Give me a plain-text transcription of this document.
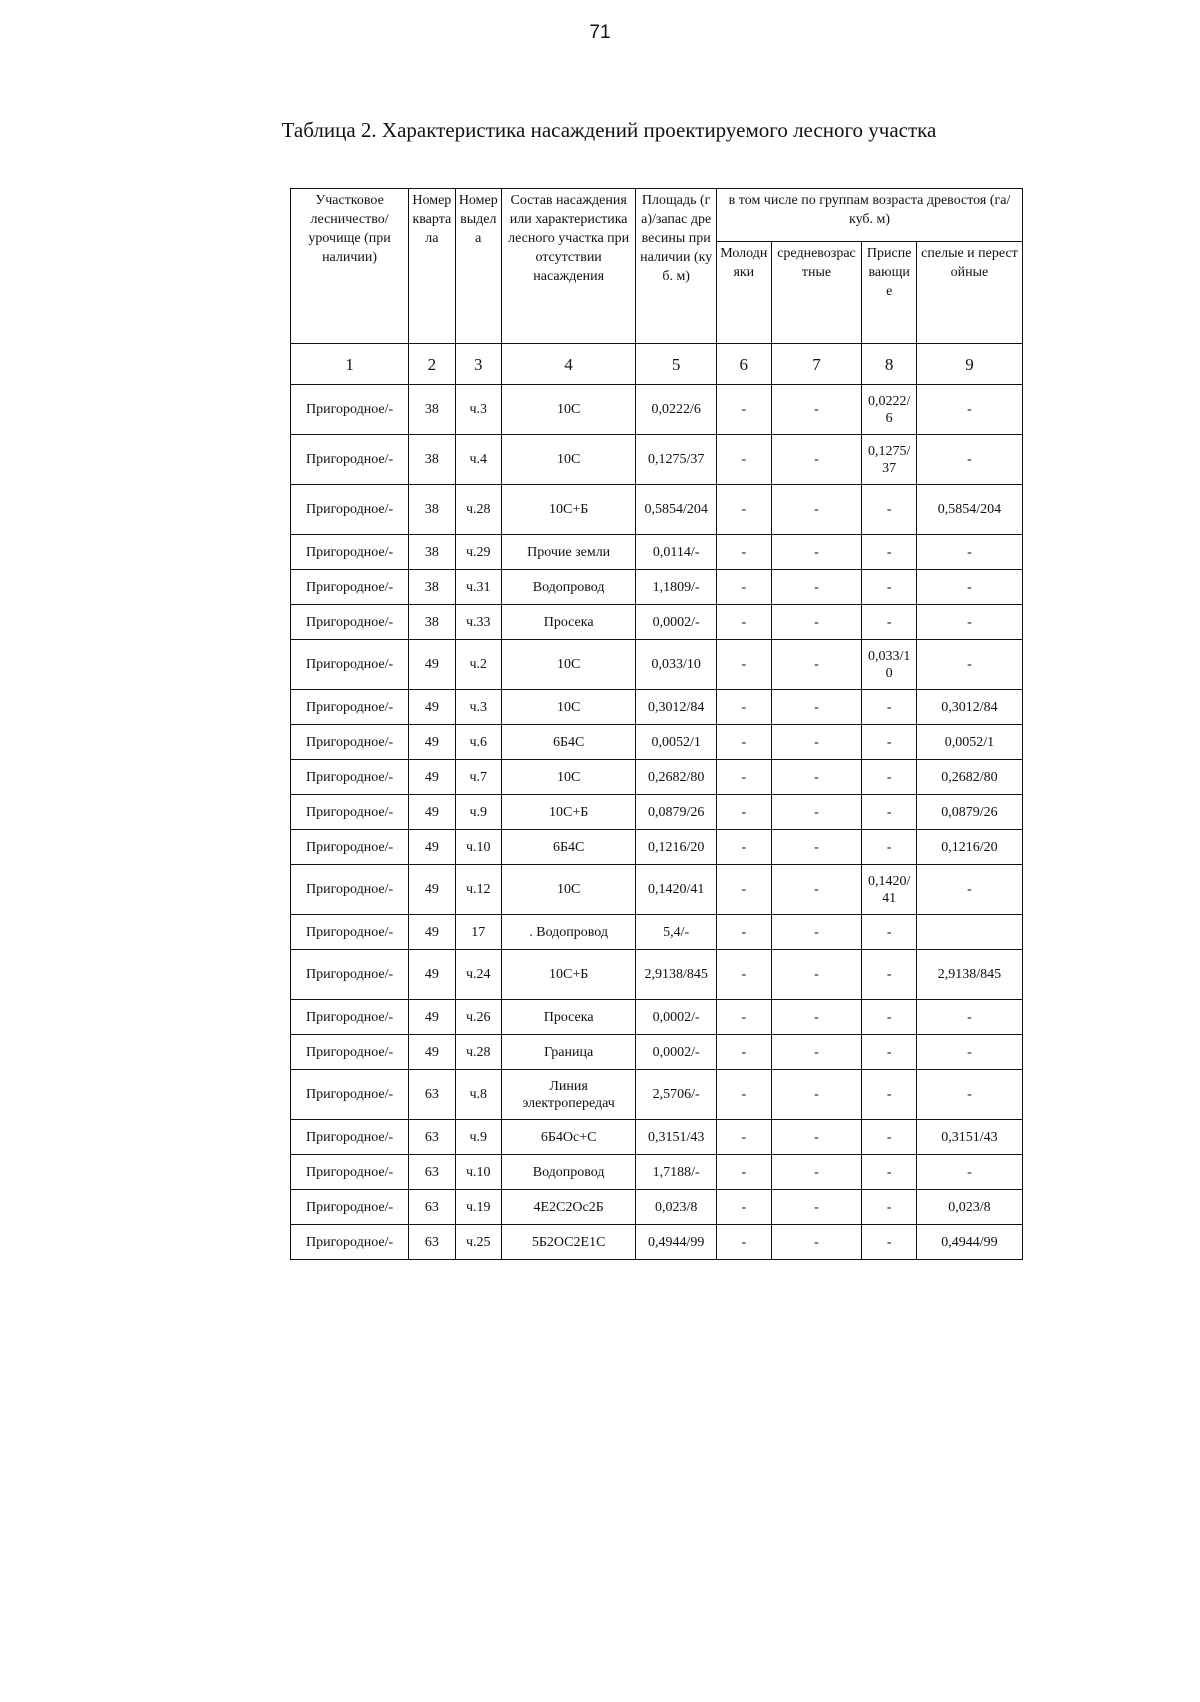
71
Таблица 2. Характеристика насаждений проектируемого лесного участка
Участковое лесничество/урочище (при наличии)	Номер квартала	Номер выдела	Состав насаждения или характеристика лесного участка при отсутствии насаждения	Площадь (га)/запас древесины при наличии (куб. м)	в том числе по группам возраста древостоя (га/куб. м)			
					Молодняки	средневозрастные	Приспевающие	спелые и перестойные
1	2	3	4	5	6	7	8	9
Пригородное/-	38	ч.3	10С	0,0222/6	-	-	0,0222/6	-
Пригородное/-	38	ч.4	10С	0,1275/37	-	-	0,1275/37	-
Пригородное/-	38	ч.28	10С+Б	0,5854/204	-	-	-	0,5854/204
Пригородное/-	38	ч.29	Прочие земли	0,0114/-	-	-	-	-
Пригородное/-	38	ч.31	Водопровод	1,1809/-	-	-	-	-
Пригородное/-	38	ч.33	Просека	0,0002/-	-	-	-	-
Пригородное/-	49	ч.2	10С	0,033/10	-	-	0,033/10	-
Пригородное/-	49	ч.3	10С	0,3012/84	-	-	-	0,3012/84
Пригородное/-	49	ч.6	6Б4С	0,0052/1	-	-	-	0,0052/1
Пригородное/-	49	ч.7	10С	0,2682/80	-	-	-	0,2682/80
Пригородное/-	49	ч.9	10С+Б	0,0879/26	-	-	-	0,0879/26
Пригородное/-	49	ч.10	6Б4С	0,1216/20	-	-	-	0,1216/20
Пригородное/-	49	ч.12	10С	0,1420/41	-	-	0,1420/41	-
Пригородное/-	49	17	. Водопровод	5,4/-	-	-	-	
Пригородное/-	49	ч.24	10С+Б	2,9138/845	-	-	-	2,9138/845
Пригородное/-	49	ч.26	Просека	0,0002/-	-	-	-	-
Пригородное/-	49	ч.28	Граница	0,0002/-	-	-	-	-
Пригородное/-	63	ч.8	Линия электропередач	2,5706/-	-	-	-	-
Пригородное/-	63	ч.9	6Б4Ос+С	0,3151/43	-	-	-	0,3151/43
Пригородное/-	63	ч.10	Водопровод	1,7188/-	-	-	-	-
Пригородное/-	63	ч.19	4Е2С2Ос2Б	0,023/8	-	-	-	0,023/8
Пригородное/-	63	ч.25	5Б2ОС2Е1С	0,4944/99	-	-	-	0,4944/99
